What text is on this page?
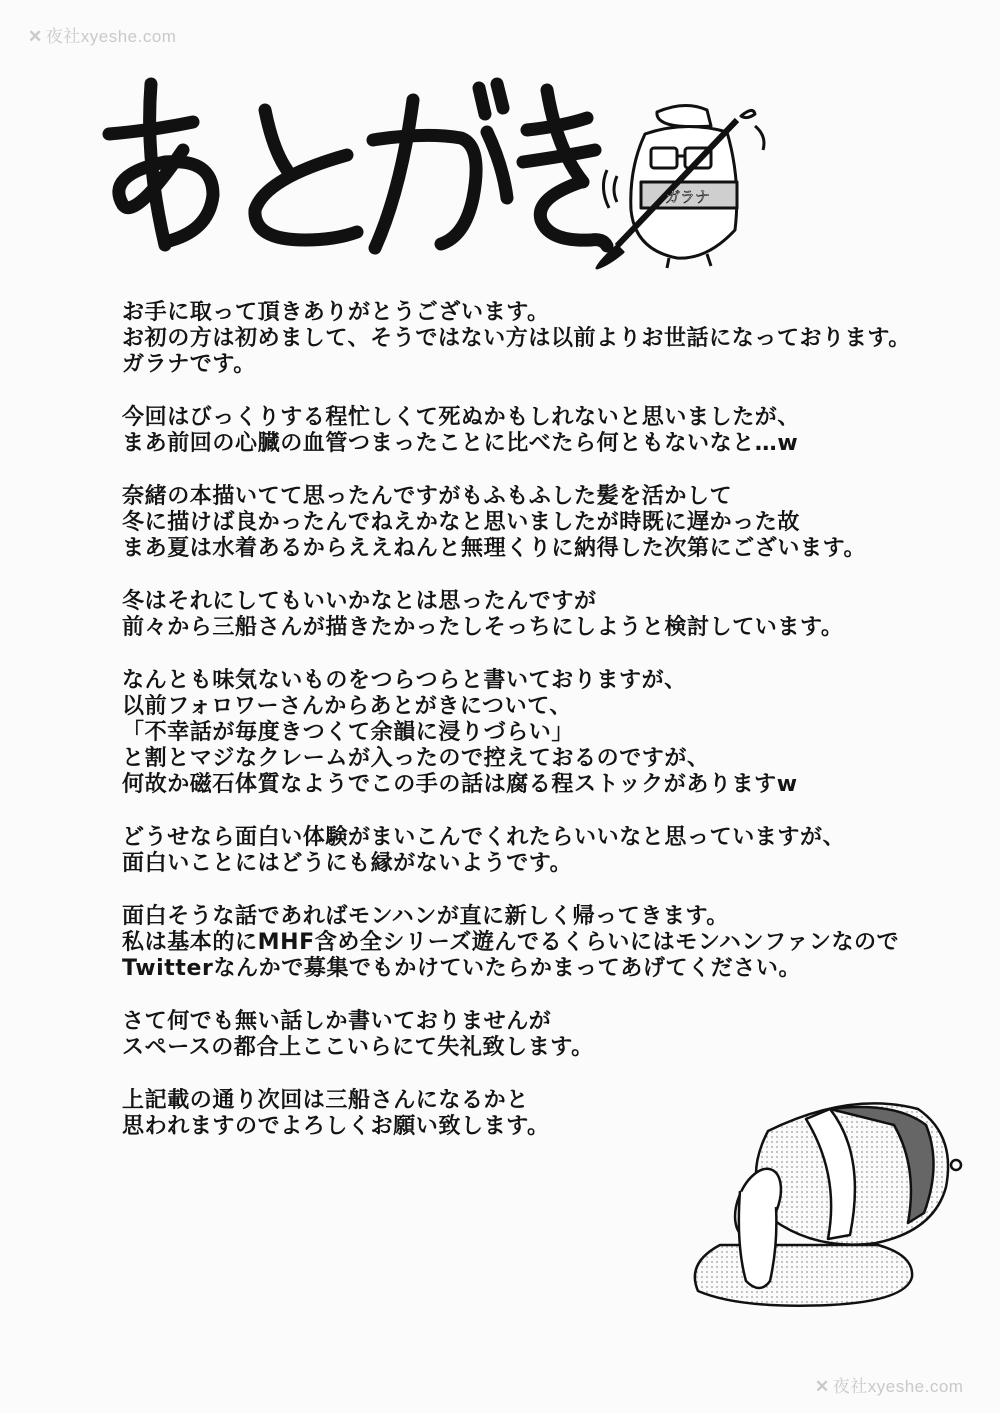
✕ 夜社xyeshe.com
ガラナ
お手に取って頂きありがとうございます。
お初の方は初めまして、そうではない方は以前よりお世話になっております。
ガラナです。
今回はびっくりする程忙しくて死ぬかもしれないと思いましたが、
まあ前回の心臓の血管つまったことに比べたら何ともないなと…w
奈緒の本描いてて思ったんですがもふもふした髪を活かして
冬に描けば良かったんでねえかなと思いましたが時既に遅かった故
まあ夏は水着あるからええねんと無理くりに納得した次第にございます。
冬はそれにしてもいいかなとは思ったんですが
前々から三船さんが描きたかったしそっちにしようと検討しています。
なんとも味気ないものをつらつらと書いておりますが、
以前フォロワーさんからあとがきについて、
「不幸話が毎度きつくて余韻に浸りづらい」
と割とマジなクレームが入ったので控えておるのですが、
何故か磁石体質なようでこの手の話は腐る程ストックがありますw
どうせなら面白い体験がまいこんでくれたらいいなと思っていますが、
面白いことにはどうにも縁がないようです。
面白そうな話であればモンハンが直に新しく帰ってきます。
私は基本的にMHF含め全シリーズ遊んでるくらいにはモンハンファンなので
Twitterなんかで募集でもかけていたらかまってあげてください。
さて何でも無い話しか書いておりませんが
スペースの都合上ここいらにて失礼致します。
上記載の通り次回は三船さんになるかと
思われますのでよろしくお願い致します。
✕ 夜社xyeshe.com
